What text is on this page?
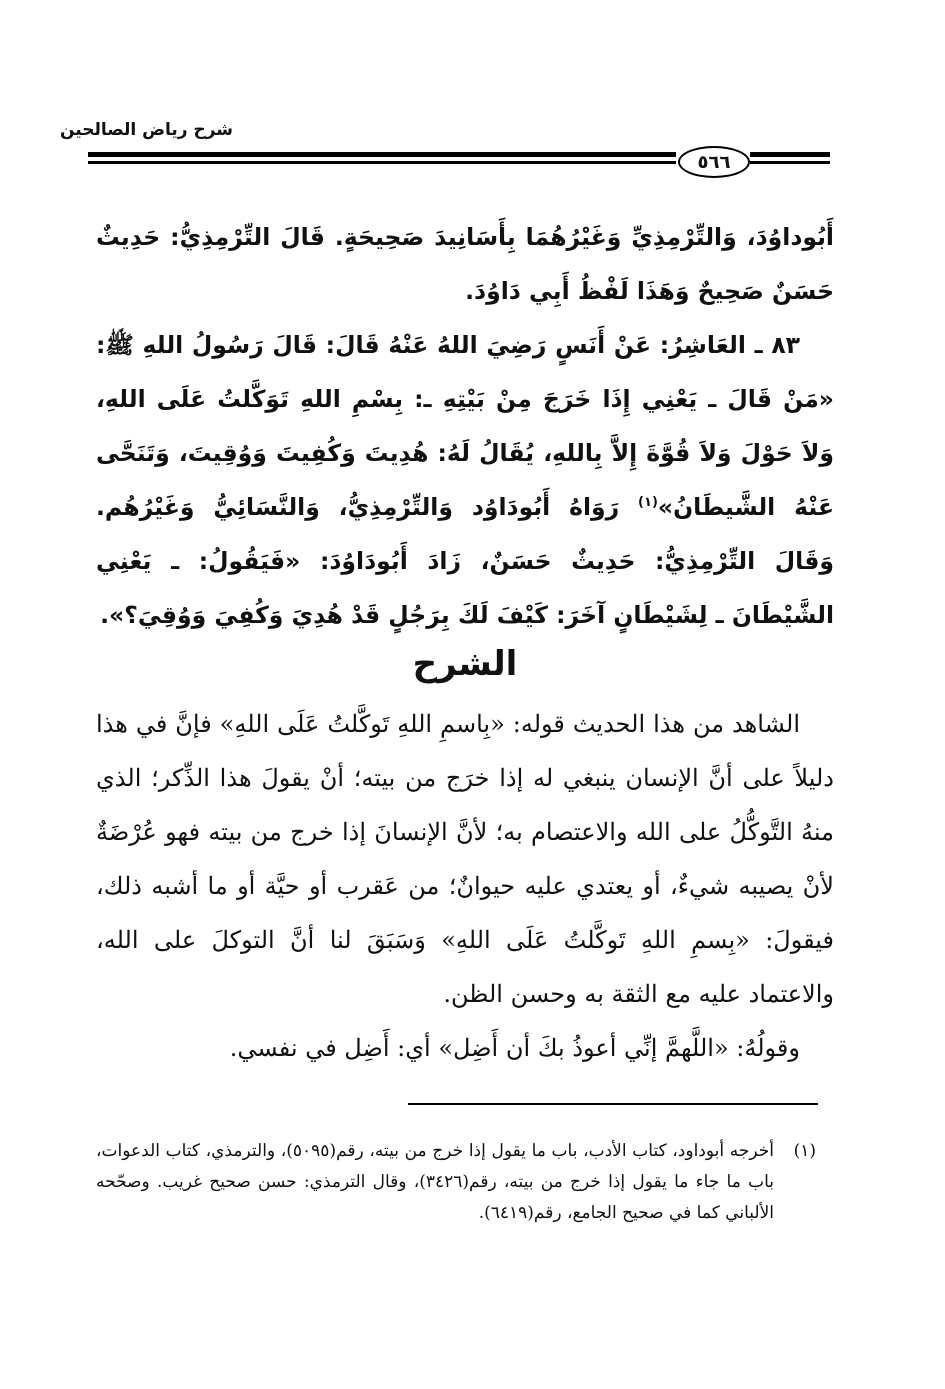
شرح رياض الصالحين
٥٦٦

أَبُوداوُدَ، وَالتِّرْمِذِيِّ وَغَيْرُهُمَا بِأَسَانِيدَ صَحِيحَةٍ. قَالَ التِّرْمِذِيُّ: حَدِيثٌ حَسَنٌ صَحِيحٌ وَهَذَا لَفْظُ أَبِي دَاوُدَ.

٨٣ ـ العَاشِرُ: عَنْ أَنَسٍ رَضِيَ اللهُ عَنْهُ قَالَ: قَالَ رَسُولُ اللهِ ﷺ: «مَنْ قَالَ ـ يَعْنِي إِذَا خَرَجَ مِنْ بَيْتِهِ ـ: بِسْمِ اللهِ تَوَكَّلتُ عَلَى اللهِ، وَلاَ حَوْلَ وَلاَ قُوَّةَ إِلاَّ بِاللهِ، يُقَالُ لَهُ: هُدِيتَ وَكُفِيتَ وَوُقِيتَ، وَتَنَحَّى عَنْهُ الشَّيطَانُ»$^{(١)}$ رَوَاهُ أَبُودَاوُد وَالتِّرْمِذِيُّ، وَالنَّسَائِيُّ وَغَيْرُهُم. وَقَالَ التِّرْمِذِيُّ: حَدِيثٌ حَسَنٌ، زَادَ أَبُودَاوُدَ: «فَيَقُولُ: ـ يَعْنِي الشَّيْطَانَ ـ لِشَيْطَانٍ آخَرَ: كَيْفَ لَكَ بِرَجُلٍ قَدْ هُدِيَ وَكُفِيَ وَوُقِيَ؟».

الشرح

الشاهد من هذا الحديث قوله: «بِاسمِ اللهِ تَوكَّلتُ عَلَى اللهِ» فإنَّ في هذا دليلاً على أنَّ الإنسان ينبغي له إذا خرَج من بيته؛ أنْ يقولَ هذا الذِّكر؛ الذي منهُ التَّوكُّلُ على الله والاعتصام به؛ لأنَّ الإنسانَ إذا خرج من بيته فهو عُرْضَةٌ لأنْ يصيبه شيءٌ، أو يعتدي عليه حيوانٌ؛ من عَقرب أو حيَّة أو ما أشبه ذلك، فيقولَ: «بِسمِ اللهِ تَوكَّلتُ عَلَى اللهِ» وَسَبَقَ لنا أنَّ التوكلَ على الله، والاعتماد عليه مع الثقة به وحسن الظن.

وقولُهُ: «اللَّهمَّ إنِّي أعوذُ بكَ أن أَضِل» أي: أَضِل في نفسي.

(١)
أخرجه أبوداود، كتاب الأدب، باب ما يقول إذا خرج من بيته، رقم(٥٠٩٥)، والترمذي، كتاب الدعوات، باب ما جاء ما يقول إذا خرج من بيته، رقم(٣٤٢٦)، وقال الترمذي: حسن صحيح غريب. وصحّحه الألباني كما في صحيح الجامع، رقم(٦٤١٩).
